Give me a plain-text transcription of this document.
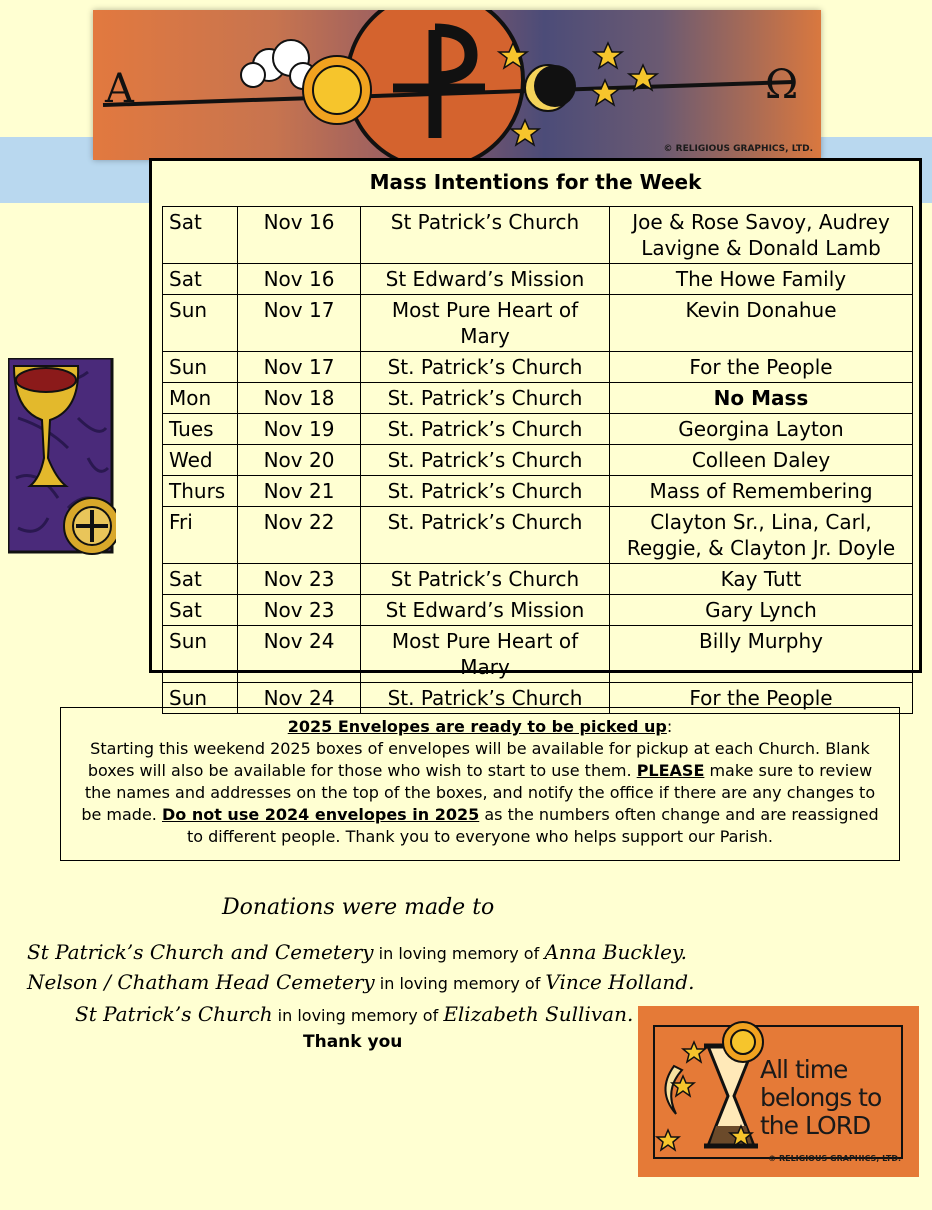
A	Ω
© RELIGIOUS GRAPHICS, LTD.
Mass Intentions for the Week
Sat	Nov 16	St Patrick’s Church	Joe & Rose Savoy, Audrey Lavigne & Donald Lamb
Sat	Nov 16	St Edward’s Mission	The Howe Family
Sun	Nov 17	Most Pure Heart of Mary	Kevin Donahue
Sun	Nov 17	St. Patrick’s Church	For the People
Mon	Nov 18	St. Patrick’s Church	No Mass
Tues	Nov 19	St. Patrick’s Church	Georgina Layton
Wed	Nov 20	St. Patrick’s Church	Colleen Daley
Thurs	Nov 21	St. Patrick’s Church	Mass of Remembering
Fri	Nov 22	St. Patrick’s Church	Clayton Sr., Lina, Carl, Reggie, & Clayton Jr. Doyle
Sat	Nov 23	St Patrick’s Church	Kay Tutt
Sat	Nov 23	St Edward’s Mission	Gary Lynch
Sun	Nov 24	Most Pure Heart of Mary	Billy Murphy
Sun	Nov 24	St. Patrick’s Church	For the People
2025 Envelopes are ready to be picked up:
Starting this weekend 2025 boxes of envelopes will be available for pickup at each Church. Blank boxes will also be available for those who wish to start to use them. PLEASE make sure to review the names and addresses on the top of the boxes, and notify the office if there are any changes to be made. Do not use 2024 envelopes in 2025 as the numbers often change and are reassigned to different people. Thank you to everyone who helps support our Parish.
Donations were made to
St Patrick’s Church and Cemetery in loving memory of Anna Buckley.
Nelson / Chatham Head Cemetery in loving memory of Vince Holland.
St Patrick’s Church in loving memory of Elizabeth Sullivan.
Thank you
All time
belongs to
the LORD
© RELIGIOUS GRAPHICS, LTD.
